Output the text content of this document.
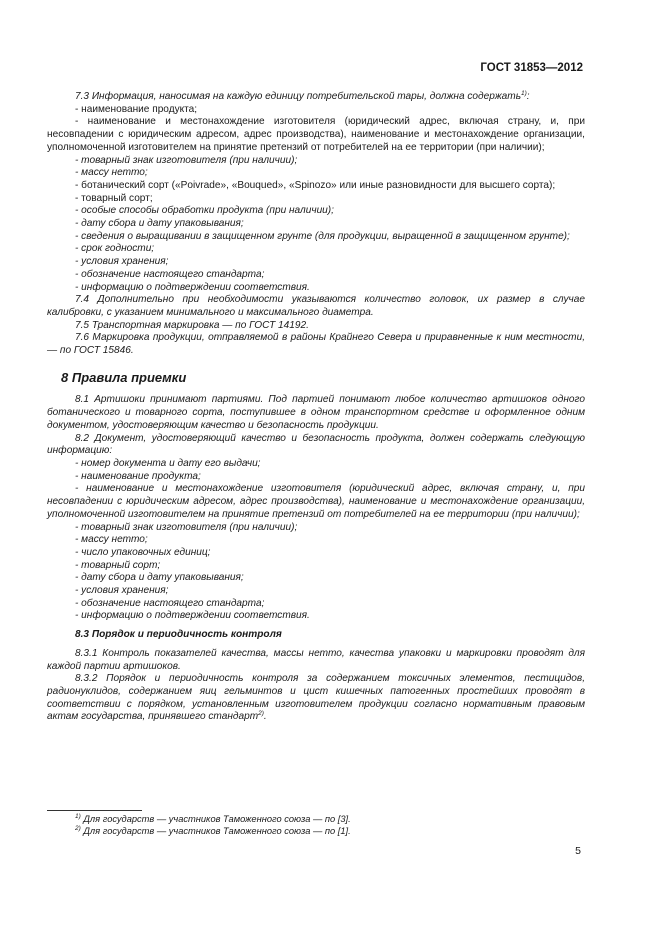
ГОСТ 31853—2012

7.3 Информация, наносимая на каждую единицу потребительской тары, должна содержать$^{1)}$:

- наименование продукта;

- наименование и местонахождение изготовителя (юридический адрес, включая страну, и, при несовпадении с юридическим адресом, адрес производства), наименование и местонахождение организации, уполномоченной изготовителем на принятие претензий от потребителей на ее территории (при наличии);

- товарный знак изготовителя (при наличии);

- массу нетто;

- ботанический сорт («Poivrade», «Bouqued», «Spinozo» или иные разновидности для высшего сорта);

- товарный сорт;

- особые способы обработки продукта (при наличии);

- дату сбора и дату упаковывания;

- сведения о выращивании в защищенном грунте (для продукции, выращенной в защищенном грунте);

- срок годности;

- условия хранения;

- обозначение настоящего стандарта;

- информацию о подтверждении соответствия.

7.4 Дополнительно при необходимости указываются количество головок, их размер в случае калибровки, с указанием минимального и максимального диаметра.

7.5 Транспортная маркировка — по ГОСТ 14192.

7.6 Маркировка продукции, отправляемой в районы Крайнего Севера и приравненные к ним местности, — по ГОСТ 15846.

8 Правила приемки

8.1 Артишоки принимают партиями. Под партией понимают любое количество артишоков одного ботанического и товарного сорта, поступившее в одном транспортном средстве и оформленное одним документом, удостоверяющим качество и безопасность продукции.

8.2 Документ, удостоверяющий качество и безопасность продукта, должен содержать следующую информацию:

- номер документа и дату его выдачи;

- наименование продукта;

- наименование и местонахождение изготовителя (юридический адрес, включая страну, и, при несовпадении с юридическим адресом, адрес производства), наименование и местонахождение организации, уполномоченной изготовителем на принятие претензий от потребителей на ее территории (при наличии);

- товарный знак изготовителя (при наличии);

- массу нетто;

- число упаковочных единиц;

- товарный сорт;

- дату сбора и дату упаковывания;

- условия хранения;

- обозначение настоящего стандарта;

- информацию о подтверждении соответствия.

8.3 Порядок и периодичность контроля

8.3.1 Контроль показателей качества, массы нетто, качества упаковки и маркировки проводят для каждой партии артишоков.

8.3.2 Порядок и периодичность контроля за содержанием токсичных элементов, пестицидов, радионуклидов, содержанием яиц гельминтов и цист кишечных патогенных простейших проводят в соответствии с порядком, установленным изготовителем продукции согласно нормативным правовым актам государства, принявшего стандарт$^{2)}$.

$^{1)}$ Для государств — участников Таможенного союза — по [3].

$^{2)}$ Для государств — участников Таможенного союза — по [1].

5
